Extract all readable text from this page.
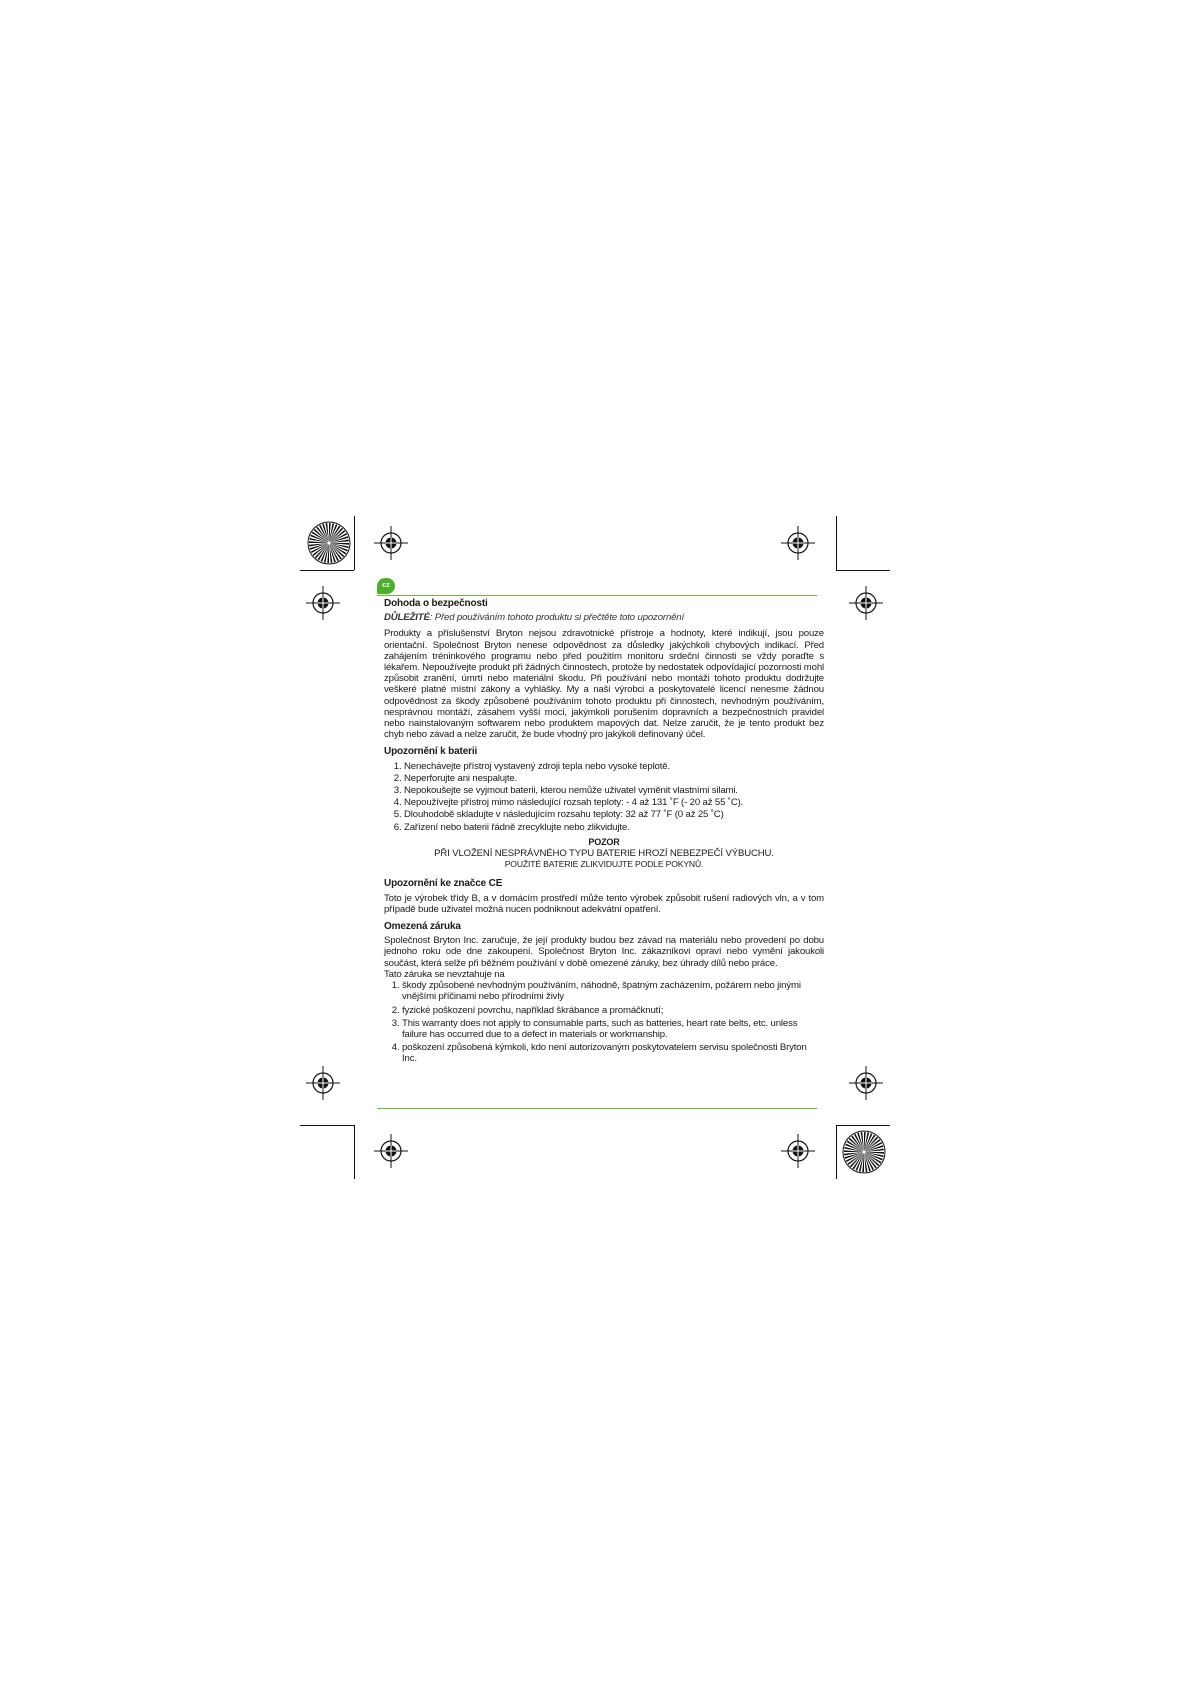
cz
Dohoda o bezpečnosti
DŮLEŽITÉ: Před používáním tohoto produktu si přečtěte toto upozornění
Produkty a příslušenství Bryton nejsou zdravotnické přístroje a hodnoty, které indikují, jsou pouze orientační. Společnost Bryton nenese odpovědnost za důsledky jakýchkoli chybových indikací. Před zahájením tréninkového programu nebo před použitím monitoru srdeční činnosti se vždy poraďte s lékařem. Nepoužívejte produkt při žádných činnostech, protože by nedostatek odpovídající pozornosti mohl způsobit zranění, úmrtí nebo materiální škodu. Při používání nebo montáži tohoto produktu dodržujte veškeré platné místní zákony a vyhlášky. My a naši výrobci a poskytovatelé licencí nenesme žádnou odpovědnost za škody způsobené používáním tohoto produktu při činnostech, nevhodným používáním, nesprávnou montáží, zásahem vyšší moci, jakýmkoli porušením dopravních a bezpečnostních pravidel nebo nainstalovaným softwarem nebo produktem mapových dat. Nelze zaručit, že je tento produkt bez chyb nebo závad a nelze zaručit, že bude vhodný pro jakýkoli definovaný účel.
Upozornění k baterii
1. Nenechávejte přístroj vystavený zdroji tepla nebo vysoké teplotě.
2. Neperforujte ani nespalujte.
3. Nepokoušejte se vyjmout baterii, kterou nemůže uživatel vyměnit vlastními silami.
4. Nepoužívejte přístroj mimo následující rozsah teploty: - 4 až 131 ˚F (- 20 až 55 ˚C).
5. Dlouhodobě skladujte v následujícím rozsahu teploty: 32 až 77 ˚F (0 až 25 ˚C)
6. Zařízení nebo baterii řádně zrecyklujte nebo zlikvidujte.
POZOR
PŘI VLOŽENÍ NESPRÁVNÉHO TYPU BATERIE HROZÍ NEBEZPEČÍ VÝBUCHU.
POUŽITÉ BATERIE ZLIKVIDUJTE PODLE POKYNŮ.
Upozornění ke značce CE
Toto je výrobek třídy B, a v domácím prostředí může tento výrobek způsobit rušení radiových vln, a v tom případě bude uživatel možná nucen podniknout adekvátní opatření.
Omezená záruka
Společnost Bryton Inc. zaručuje, že její produkty budou bez závad na materiálu nebo provedení po dobu jednoho roku ode dne zakoupení. Společnost Bryton Inc. zákazníkovi opraví nebo vymění jakoukoli součást, která selže při běžném používání v době omezené záruky, bez úhrady dílů nebo práce.
Tato záruka se nevztahuje na
1. škody způsobené nevhodným používáním, náhodně, špatným zacházením, požárem nebo jinými vnějšími příčinami nebo přírodními živly
2. fyzické poškození povrchu, například škrábance a promáčknutí;
3. This warranty does not apply to consumable parts, such as batteries, heart rate belts, etc. unless failure has occurred due to a defect in materials or workmanship.
4. poškození způsobená kýmkoli, kdo není autorizovaným poskytovatelem servisu společnosti Bryton Inc.
